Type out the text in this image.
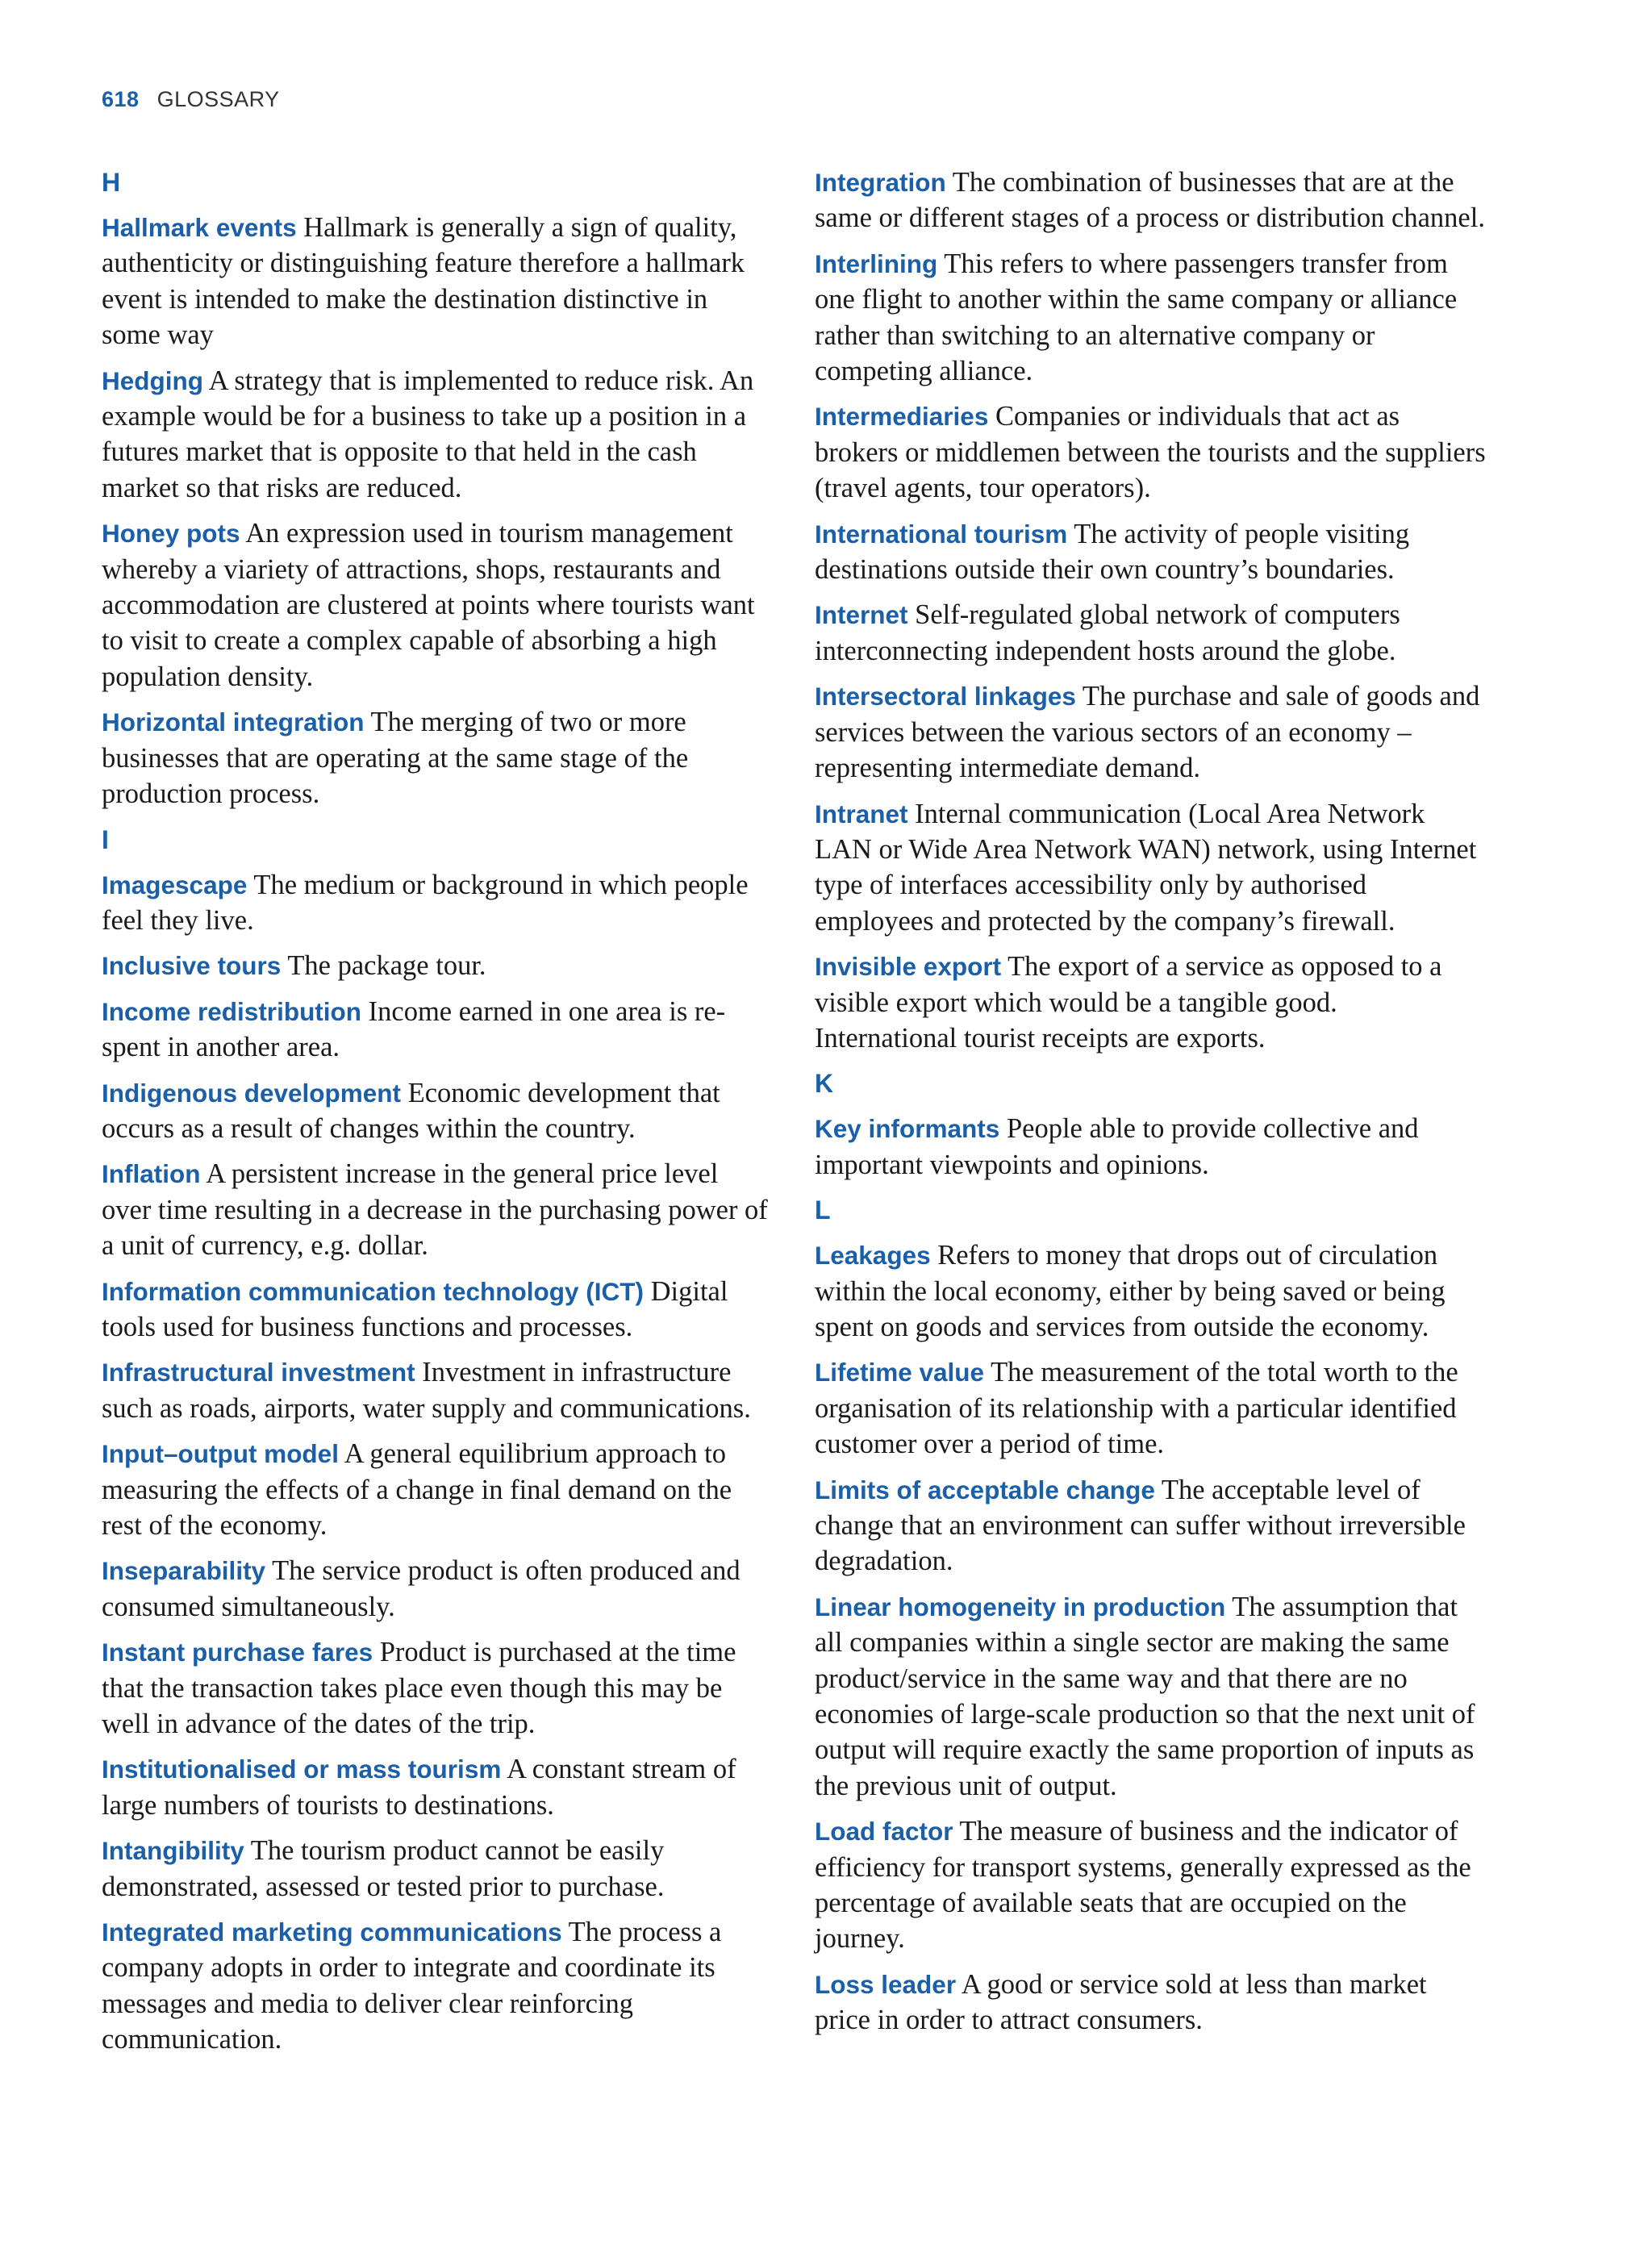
618 GLOSSARY
H

Hallmark events Hallmark is generally a sign of quality, authenticity or distinguishing feature therefore a hallmark event is intended to make the destination distinctive in some way

Hedging A strategy that is implemented to reduce risk. An example would be for a business to take up a position in a futures market that is opposite to that held in the cash market so that risks are reduced.

Honey pots An expression used in tourism management whereby a viariety of attractions, shops, restaurants and accommodation are clustered at points where tourists want to visit to create a complex capable of absorbing a high population density.

Horizontal integration The merging of two or more businesses that are operating at the same stage of the production process.

I

Imagescape The medium or background in which people feel they live.

Inclusive tours The package tour.

Income redistribution Income earned in one area is re-spent in another area.

Indigenous development Economic development that occurs as a result of changes within the country.

Inflation A persistent increase in the general price level over time resulting in a decrease in the purchasing power of a unit of currency, e.g. dollar.

Information communication technology (ICT) Digital tools used for business functions and processes.

Infrastructural investment Investment in infrastructure such as roads, airports, water supply and communications.

Input–output model A general equilibrium approach to measuring the effects of a change in final demand on the rest of the economy.

Inseparability The service product is often produced and consumed simultaneously.

Instant purchase fares Product is purchased at the time that the transaction takes place even though this may be well in advance of the dates of the trip.

Institutionalised or mass tourism A constant stream of large numbers of tourists to destinations.

Intangibility The tourism product cannot be easily demonstrated, assessed or tested prior to purchase.

Integrated marketing communications The process a company adopts in order to integrate and coordinate its messages and media to deliver clear reinforcing communication.

Integration The combination of businesses that are at the same or different stages of a process or distribution channel.

Interlining This refers to where passengers transfer from one flight to another within the same company or alliance rather than switching to an alternative company or competing alliance.

Intermediaries Companies or individuals that act as brokers or middlemen between the tourists and the suppliers (travel agents, tour operators).

International tourism The activity of people visiting destinations outside their own country’s boundaries.

Internet Self-regulated global network of computers interconnecting independent hosts around the globe.

Intersectoral linkages The purchase and sale of goods and services between the various sectors of an economy – representing intermediate demand.

Intranet Internal communication (Local Area Network LAN or Wide Area Network WAN) network, using Internet type of interfaces accessibility only by authorised employees and protected by the company’s firewall.

Invisible export The export of a service as opposed to a visible export which would be a tangible good. International tourist receipts are exports.

K

Key informants People able to provide collective and important viewpoints and opinions.

L

Leakages Refers to money that drops out of circulation within the local economy, either by being saved or being spent on goods and services from outside the economy.

Lifetime value The measurement of the total worth to the organisation of its relationship with a particular identified customer over a period of time.

Limits of acceptable change The acceptable level of change that an environment can suffer without irreversible degradation.

Linear homogeneity in production The assumption that all companies within a single sector are making the same product/service in the same way and that there are no economies of large-scale production so that the next unit of output will require exactly the same proportion of inputs as the previous unit of output.

Load factor The measure of business and the indicator of efficiency for transport systems, generally expressed as the percentage of available seats that are occupied on the journey.

Loss leader A good or service sold at less than market price in order to attract consumers.
